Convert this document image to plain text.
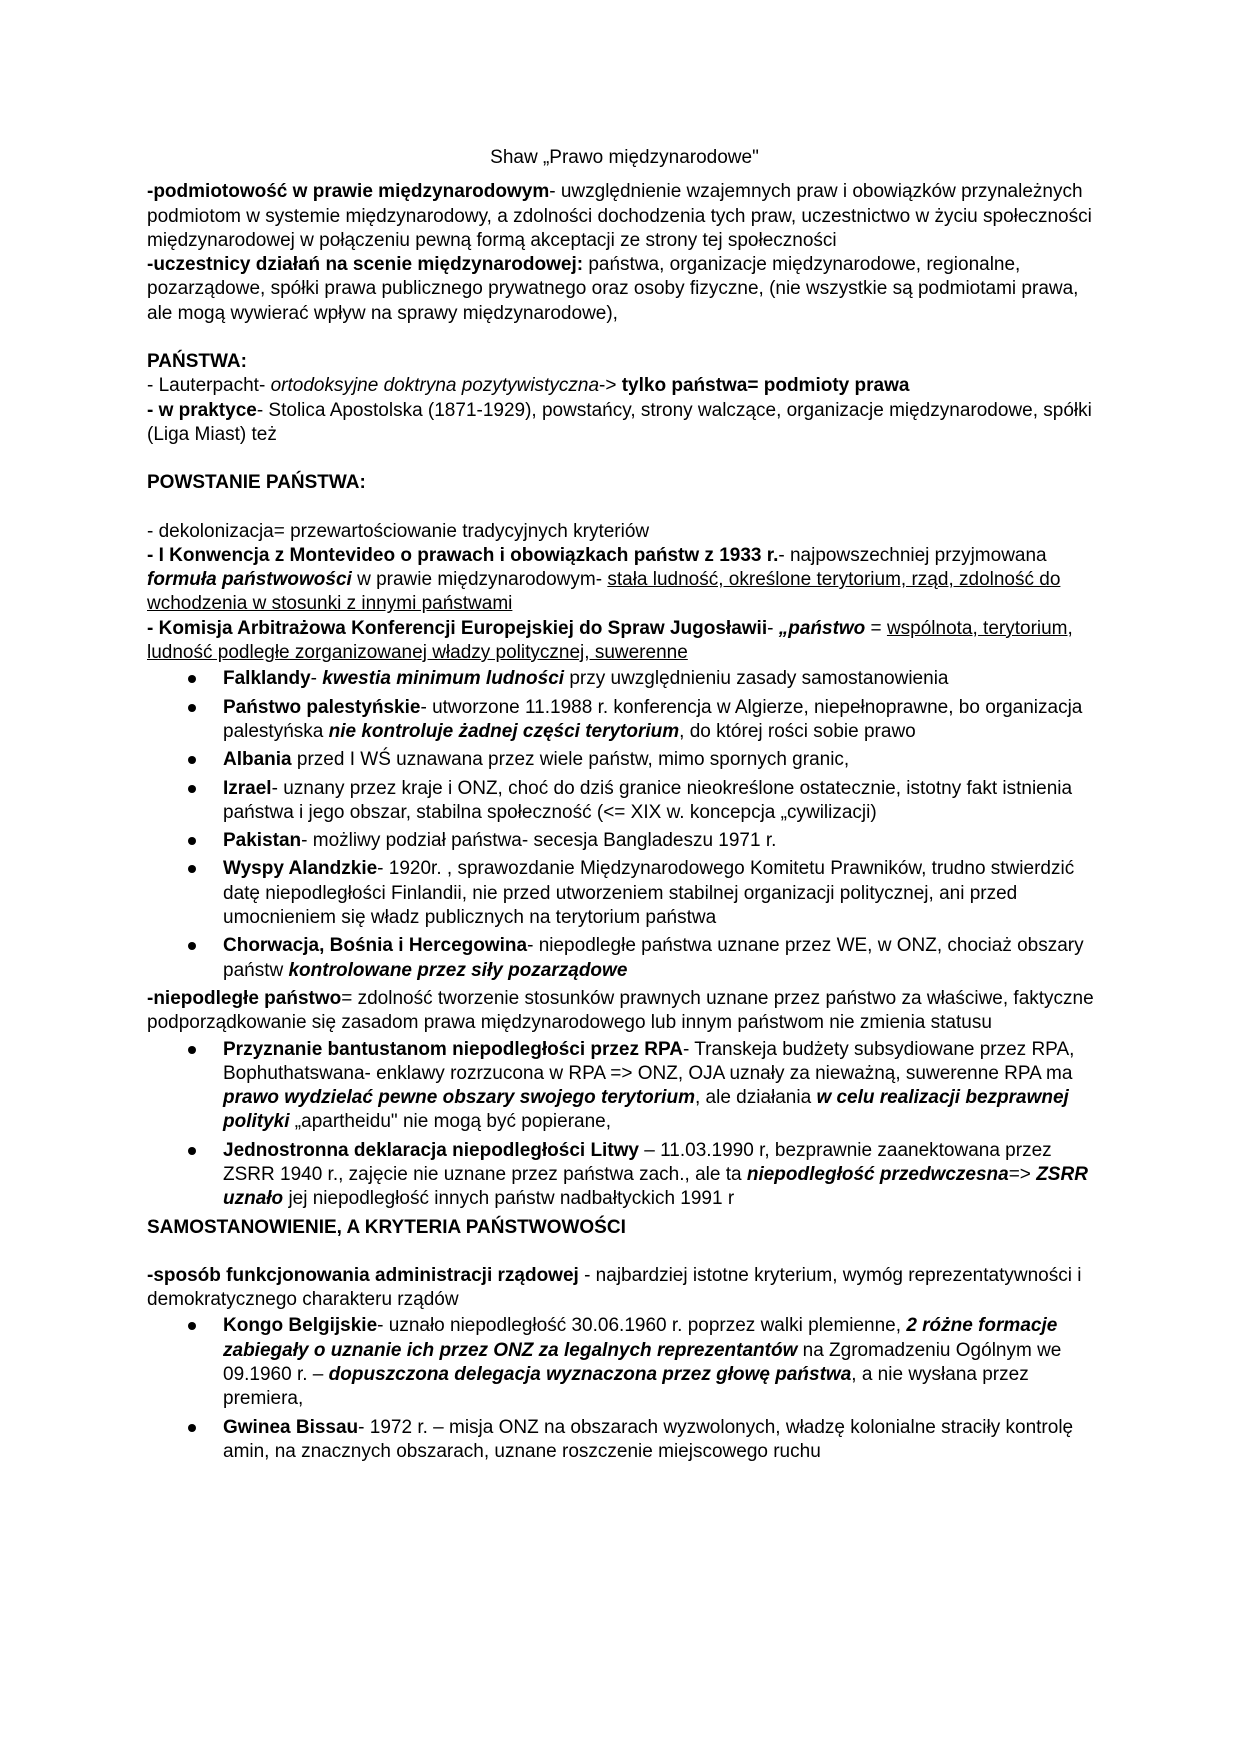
Shaw „Prawo międzynarodowe"

-podmiotowość w prawie międzynarodowym- uwzględnienie wzajemnych praw i obowiązków przynależnych podmiotom w systemie międzynarodowy, a zdolności dochodzenia tych praw, uczestnictwo w życiu społeczności międzynarodowej w połączeniu pewną formą akceptacji ze strony tej społeczności

-uczestnicy działań na scenie międzynarodowej: państwa, organizacje międzynarodowe, regionalne, pozarządowe, spółki prawa publicznego prywatnego oraz osoby fizyczne, (nie wszystkie są podmiotami prawa, ale mogą wywierać wpływ na sprawy międzynarodowe),

PAŃSTWA:

- Lauterpacht- ortodoksyjne doktryna pozytywistyczna-> tylko państwa= podmioty prawa

- w praktyce- Stolica Apostolska (1871-1929), powstańcy, strony walczące, organizacje międzynarodowe, spółki (Liga Miast) też

POWSTANIE PAŃSTWA:

- dekolonizacja= przewartościowanie tradycyjnych kryteriów

- I Konwencja z Montevideo o prawach i obowiązkach państw z 1933 r.- najpowszechniej przyjmowana formuła państwowości w prawie międzynarodowym- stała ludność, określone terytorium, rząd, zdolność do wchodzenia w stosunki z innymi państwami

- Komisja Arbitrażowa Konferencji Europejskiej do Spraw Jugosławii- „państwo = wspólnota, terytorium, ludność podległe zorganizowanej władzy politycznej, suwerenne

Falklandy- kwestia minimum ludności przy uwzględnieniu zasady samostanowienia
Państwo palestyńskie- utworzone 11.1988 r. konferencja w Algierze, niepełnoprawne, bo organizacja palestyńska nie kontroluje żadnej części terytorium, do której rości sobie prawo
Albania przed I WŚ uznawana przez wiele państw, mimo spornych granic,
Izrael- uznany przez kraje i ONZ, choć do dziś granice nieokreślone ostatecznie, istotny fakt istnienia państwa i jego obszar, stabilna społeczność (<= XIX w. koncepcja „cywilizacji)
Pakistan- możliwy podział państwa- secesja Bangladeszu 1971 r.
Wyspy Alandzkie- 1920r. , sprawozdanie Międzynarodowego Komitetu Prawników, trudno stwierdzić datę niepodległości Finlandii, nie przed utworzeniem stabilnej organizacji politycznej, ani przed umocnieniem się władz publicznych na terytorium państwa
Chorwacja, Bośnia i Hercegowina- niepodległe państwa uznane przez WE, w ONZ, chociaż obszary państw kontrolowane przez siły pozarządowe

-niepodległe państwo= zdolność tworzenie stosunków prawnych uznane przez państwo za właściwe, faktyczne podporządkowanie się zasadom prawa międzynarodowego lub innym państwom nie zmienia statusu

Przyznanie bantustanom niepodległości przez RPA- Transkeja budżety subsydiowane przez RPA, Bophuthatswana- enklawy rozrzucona w RPA => ONZ, OJA uznały za nieważną, suwerenne RPA ma prawo wydzielać pewne obszary swojego terytorium, ale działania w celu realizacji bezprawnej polityki „apartheidu" nie mogą być popierane,
Jednostronna deklaracja niepodległości Litwy – 11.03.1990 r, bezprawnie zaanektowana przez ZSRR 1940 r., zajęcie nie uznane przez państwa zach., ale ta niepodległość przedwczesna=> ZSRR uznało jej niepodległość innych państw nadbałtyckich 1991 r

SAMOSTANOWIENIE, A KRYTERIA PAŃSTWOWOŚCI

-sposób funkcjonowania administracji rządowej - najbardziej istotne kryterium, wymóg reprezentatywności i demokratycznego charakteru rządów

Kongo Belgijskie- uznało niepodległość 30.06.1960 r. poprzez walki plemienne, 2 różne formacje zabiegały o uznanie ich przez ONZ za legalnych reprezentantów na Zgromadzeniu Ogólnym we 09.1960 r. – dopuszczona delegacja wyznaczona przez głowę państwa, a nie wysłana przez premiera,
Gwinea Bissau- 1972 r. – misja ONZ na obszarach wyzwolonych, władzę kolonialne straciły kontrolę amin, na znacznych obszarach, uznane roszczenie miejscowego ruchu
